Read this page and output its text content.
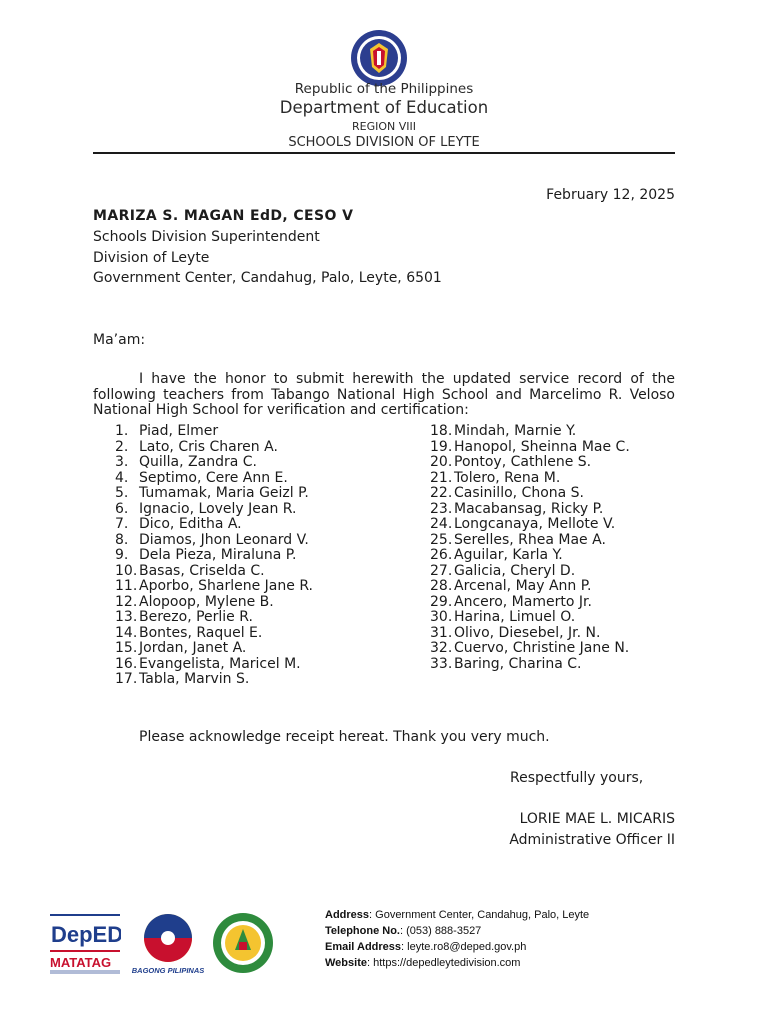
Republic of the Philippines
Department of Education
REGION VIII
SCHOOLS DIVISION OF LEYTE
February 12, 2025
MARIZA S. MAGAN EdD, CESO V
Schools Division Superintendent
Division of Leyte
Government Center, Candahug, Palo, Leyte, 6501
Ma’am:
I have the honor to submit herewith the updated service record of the following teachers from Tabango National High School and Marcelimo R. Veloso National High School for verification and certification:
1. Piad, Elmer
2. Lato, Cris Charen A.
3. Quilla, Zandra C.
4. Septimo, Cere Ann E.
5. Tumamak, Maria Geizl P.
6. Ignacio, Lovely Jean R.
7. Dico, Editha A.
8. Diamos, Jhon Leonard V.
9. Dela Pieza, Miraluna P.
10. Basas, Criselda C.
11. Aporbo, Sharlene Jane R.
12. Alopoop, Mylene B.
13. Berezo, Perlie R.
14. Bontes, Raquel E.
15. Jordan, Janet A.
16. Evangelista, Maricel M.
17. Tabla, Marvin S.
18. Mindah, Marnie Y.
19. Hanopol, Sheinna Mae C.
20. Pontoy, Cathlene S.
21. Tolero, Rena M.
22. Casinillo, Chona S.
23. Macabansag, Ricky P.
24. Longcanaya, Mellote V.
25. Serelles, Rhea Mae A.
26. Aguilar, Karla Y.
27. Galicia, Cheryl D.
28. Arcenal, May Ann P.
29. Ancero, Mamerto Jr.
30. Harina, Limuel O.
31. Olivo, Diesebel, Jr. N.
32. Cuervo, Christine Jane N.
33. Baring, Charina C.
Please acknowledge receipt hereat. Thank you very much.
Respectfully yours,
LORIE MAE L. MICARIS
Administrative Officer II
DepED
MATATAG
BAGONG PILIPINAS
Address: Government Center, Candahug, Palo, Leyte
Telephone No.: (053) 888-3527
Email Address: leyte.ro8@deped.gov.ph
Website: https://depedleytedivision.com
